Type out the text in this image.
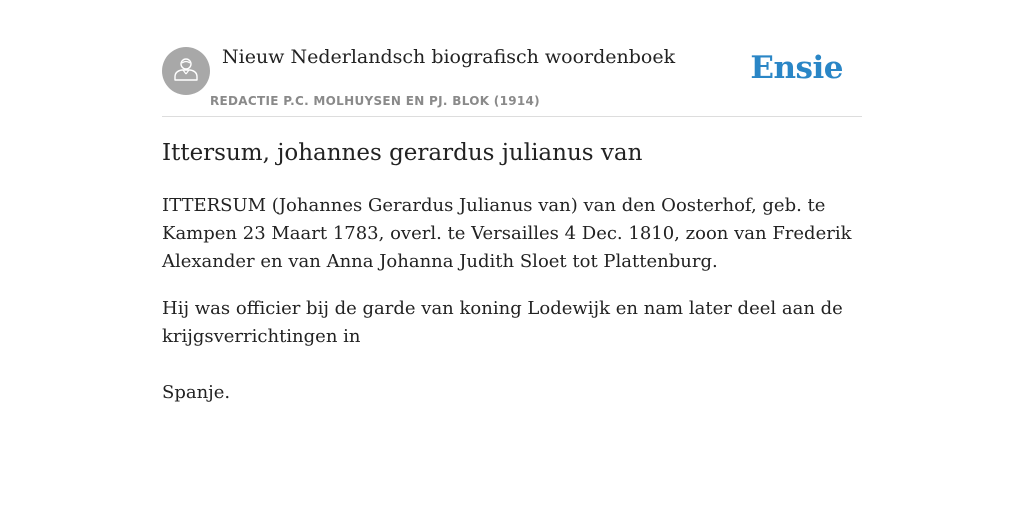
Nieuw Nederlandsch biografisch woordenboek
REDACTIE P.C. MOLHUYSEN EN PJ. BLOK (1914)
Ensie
Ittersum, johannes gerardus julianus van

ITTERSUM (Johannes Gerardus Julianus van) van den Oosterhof, geb. te Kampen 23 Maart 1783, overl. te Versailles 4 Dec. 1810, zoon van Frederik Alexander en van Anna Johanna Judith Sloet tot Plattenburg.

Hij was officier bij de garde van koning Lodewijk en nam later deel aan de krijgsverrichtingen in

Spanje.
